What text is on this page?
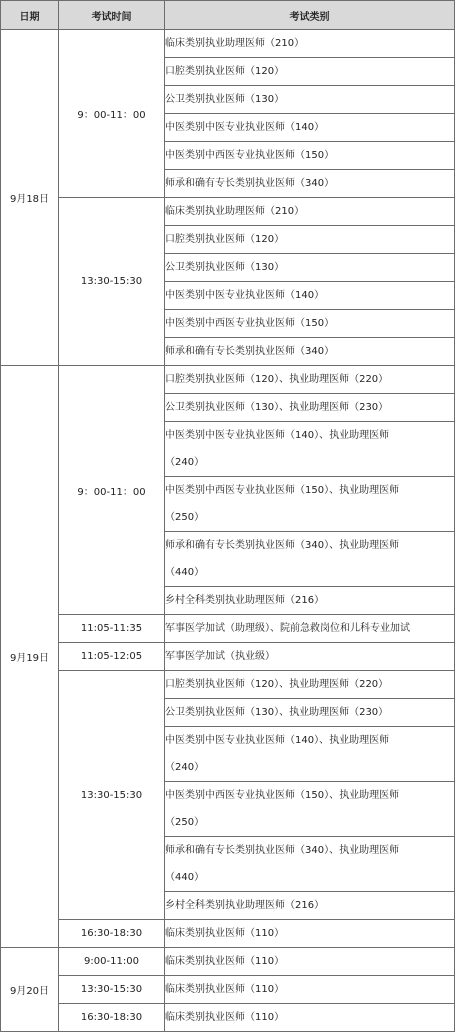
日期	考试时间	考试类别
9月18日	9：00-11：00	临床类别执业助理医师（210）
		口腔类别执业医师（120）
		公卫类别执业医师（130）
		中医类别中医专业执业医师（140）
		中医类别中西医专业执业医师（150）
		师承和确有专长类别执业医师（340）
	13:30-15:30	临床类别执业助理医师（210）
		口腔类别执业医师（120）
		公卫类别执业医师（130）
		中医类别中医专业执业医师（140）
		中医类别中西医专业执业医师（150）
		师承和确有专长类别执业医师（340）
9月19日	9：00-11：00	口腔类别执业医师（120）、执业助理医师（220）
		公卫类别执业医师（130）、执业助理医师（230）
		中医类别中医专业执业医师（140）、执业助理医师
（240）
		中医类别中西医专业执业医师（150）、执业助理医师
（250）
		师承和确有专长类别执业医师（340）、执业助理医师
（440）
		乡村全科类别执业助理医师（216）
	11:05-11:35	军事医学加试（助理级）、院前急救岗位和儿科专业加试
	11:05-12:05	军事医学加试（执业级）
	13:30-15:30	口腔类别执业医师（120）、执业助理医师（220）
		公卫类别执业医师（130）、执业助理医师（230）
		中医类别中医专业执业医师（140）、执业助理医师
（240）
		中医类别中西医专业执业医师（150）、执业助理医师
（250）
		师承和确有专长类别执业医师（340）、执业助理医师
（440）
		乡村全科类别执业助理医师（216）
	16:30-18:30	临床类别执业医师（110）
9月20日	9:00-11:00	临床类别执业医师（110）
	13:30-15:30	临床类别执业医师（110）
	16:30-18:30	临床类别执业医师（110）
